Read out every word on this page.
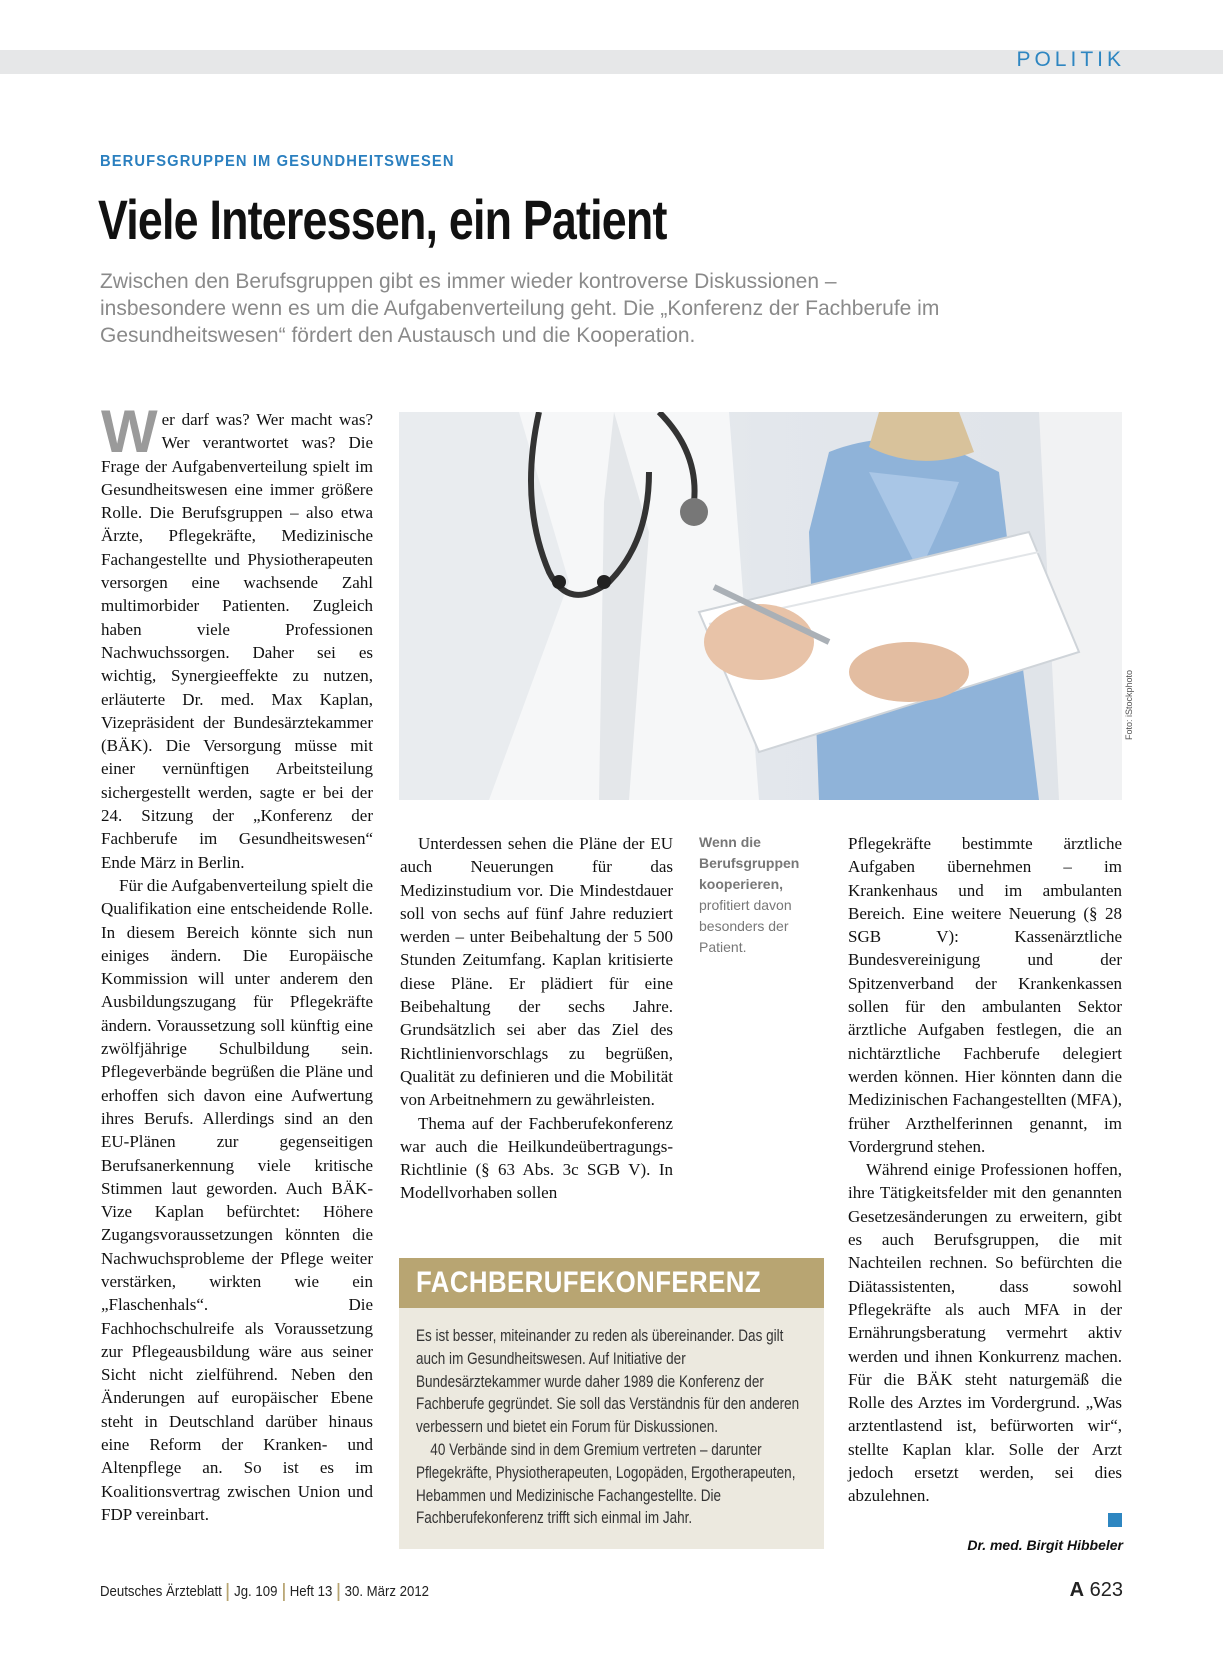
POLITIK
BERUFSGRUPPEN IM GESUNDHEITSWESEN
Viele Interessen, ein Patient
Zwischen den Berufsgruppen gibt es immer wieder kontroverse Diskussionen – insbesondere wenn es um die Aufgabenverteilung geht. Die „Konferenz der Fachberufe im Gesundheitswesen“ fördert den Austausch und die Kooperation.

Wer darf was? Wer macht was? Wer verantwortet was? Die Frage der Aufgabenverteilung spielt im Gesundheitswesen eine immer größere Rolle. Die Berufsgruppen – also etwa Ärzte, Pflegekräfte, Medizinische Fachangestellte und Physiotherapeuten versorgen eine wachsende Zahl multimorbider Patienten. Zugleich haben viele Professionen Nachwuchssorgen. Daher sei es wichtig, Synergieeffekte zu nutzen, erläuterte Dr. med. Max Kaplan, Vizepräsident der Bundesärztekammer (BÄK). Die Versorgung müsse mit einer vernünftigen Arbeitsteilung sichergestellt werden, sagte er bei der 24. Sitzung der „Konferenz der Fachberufe im Gesundheitswesen“ Ende März in Berlin.

Für die Aufgabenverteilung spielt die Qualifikation eine entscheidende Rolle. In diesem Bereich könnte sich nun einiges ändern. Die Europäische Kommission will unter anderem den Ausbildungszugang für Pflegekräfte ändern. Voraussetzung soll künftig eine zwölfjährige Schulbildung sein. Pflegeverbände begrüßen die Pläne und erhoffen sich davon eine Aufwertung ihres Berufs. Allerdings sind an den EU-Plänen zur gegenseitigen Berufsanerkennung viele kritische Stimmen laut geworden. Auch BÄK-Vize Kaplan befürchtet: Höhere Zugangsvoraussetzungen könnten die Nachwuchsprobleme der Pflege weiter verstärken, wirkten wie ein „Flaschenhals“. Die Fachhochschulreife als Voraussetzung zur Pflegeausbildung wäre aus seiner Sicht nicht zielführend. Neben den Änderungen auf europäischer Ebene steht in Deutschland darüber hinaus eine Reform der Kranken- und Altenpflege an. So ist es im Koalitionsvertrag zwischen Union und FDP vereinbart.

Foto: iStockphoto

Unterdessen sehen die Pläne der EU auch Neuerungen für das Medizinstudium vor. Die Mindestdauer soll von sechs auf fünf Jahre reduziert werden – unter Beibehaltung der 5 500 Stunden Zeitumfang. Kaplan kritisierte diese Pläne. Er plädiert für eine Beibehaltung der sechs Jahre. Grundsätzlich sei aber das Ziel des Richtlinienvorschlags zu begrüßen, Qualität zu definieren und die Mobilität von Arbeitnehmern zu gewährleisten.

Thema auf der Fachberufekonferenz war auch die Heilkundeübertragungs-Richtlinie (§ 63 Abs. 3c SGB V). In Modellvorhaben sollen

Wenn die Berufsgruppen kooperieren, profitiert davon besonders der Patient.

Pflegekräfte bestimmte ärztliche Aufgaben übernehmen – im Krankenhaus und im ambulanten Bereich. Eine weitere Neuerung (§ 28 SGB V): Kassenärztliche Bundesvereinigung und der Spitzenverband der Krankenkassen sollen für den ambulanten Sektor ärztliche Aufgaben festlegen, die an nichtärztliche Fachberufe delegiert werden können. Hier könnten dann die Medizinischen Fachangestellten (MFA), früher Arzthelferinnen genannt, im Vordergrund stehen.

Während einige Professionen hoffen, ihre Tätigkeitsfelder mit den genannten Gesetzesänderungen zu erweitern, gibt es auch Berufsgruppen, die mit Nachteilen rechnen. So befürchten die Diätassistenten, dass sowohl Pflegekräfte als auch MFA in der Ernährungsberatung vermehrt aktiv werden und ihnen Konkurrenz machen. Für die BÄK steht naturgemäß die Rolle des Arztes im Vordergrund. „Was arztentlastend ist, befürworten wir“, stellte Kaplan klar. Solle der Arzt jedoch ersetzt werden, sei dies abzulehnen.

FACHBERUFEKONFERENZ

Es ist besser, miteinander zu reden als übereinander. Das gilt auch im Gesundheitswesen. Auf Initiative der Bundesärztekammer wurde daher 1989 die Konferenz der Fachberufe gegründet. Sie soll das Verständnis für den anderen verbessern und bietet ein Forum für Diskussionen.

40 Verbände sind in dem Gremium vertreten – darunter Pflegekräfte, Physiotherapeuten, Logopäden, Ergotherapeuten, Hebammen und Medizinische Fachangestellte. Die Fachberufekonferenz trifft sich einmal im Jahr.

Dr. med. Birgit Hibbeler
Deutsches Ärzteblatt Jg. 109 Heft 13 30. März 2012	A 623
